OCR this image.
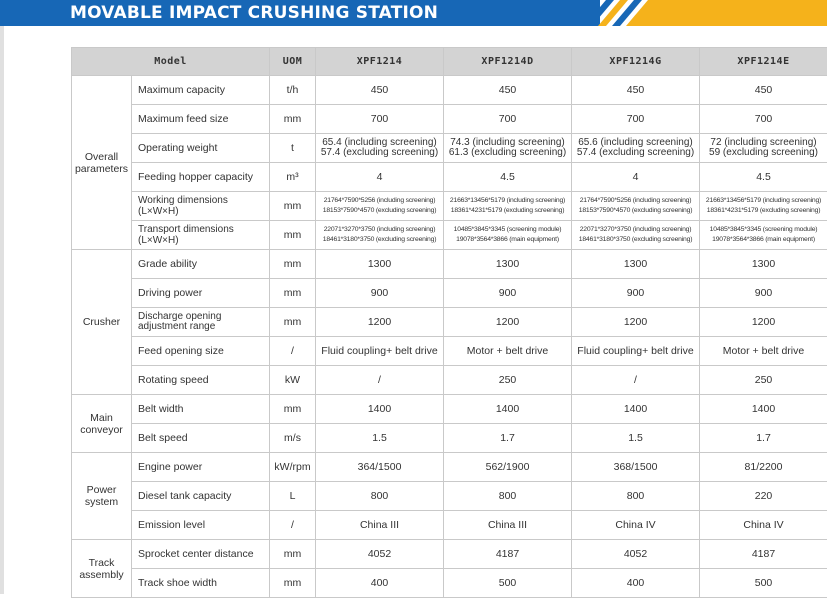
MOVABLE IMPACT CRUSHING STATION
Model		UOM	XPF1214	XPF1214D	XPF1214G	XPF1214E
Overall parameters	Maximum capacity	t/h	450	450	450	450
	Maximum feed size	mm	700	700	700	700
	Operating weight	t	65.4 (including screening)
57.4 (excluding screening)	74.3 (including screening)
61.3 (excluding screening)	65.6 (including screening)
57.4 (excluding screening)	72 (including screening)
59 (excluding screening)

	Feeding hopper capacity	m³	4	4.5	4	4.5
	Working dimensions (L×W×H)	mm	21764*7590*5256 (including screening)
18153*7590*4570 (excluding screening)	21663*13456*5179 (including screening)
18361*4231*5179 (excluding screening)	21764*7590*5256 (including screening)
18153*7590*4570 (excluding screening)	21663*13456*5179 (including screening)
18361*4231*5179 (excluding screening)

	Transport dimensions (L×W×H)	mm	22071*3270*3750 (including screening)
18461*3180*3750 (excluding screening)	10485*3845*3345 (screening module)
19078*3564*3866 (main equipment)	22071*3270*3750 (including screening)
18461*3180*3750 (excluding screening)	10485*3845*3345 (screening module)
19078*3564*3866 (main equipment)

Crusher	Grade ability	mm	1300	1300	1300	1300
	Driving power	mm	900	900	900	900
	Discharge opening adjustment range	mm	1200	1200	1200	1200
	Feed opening size	/	Fluid coupling+ belt drive	Motor + belt drive	Fluid coupling+ belt drive	Motor + belt drive
	Rotating speed	kW	/	250	/	250
Main conveyor	Belt width	mm	1400	1400	1400	1400
	Belt speed	m/s	1.5	1.7	1.5	1.7
Power system	Engine power	kW/rpm	364/1500	562/1900	368/1500	81/2200
	Diesel tank capacity	L	800	800	800	220
	Emission level	/	China III	China III	China IV	China IV
Track assembly	Sprocket center distance	mm	4052	4187	4052	4187
	Track shoe width	mm	400	500	400	500
